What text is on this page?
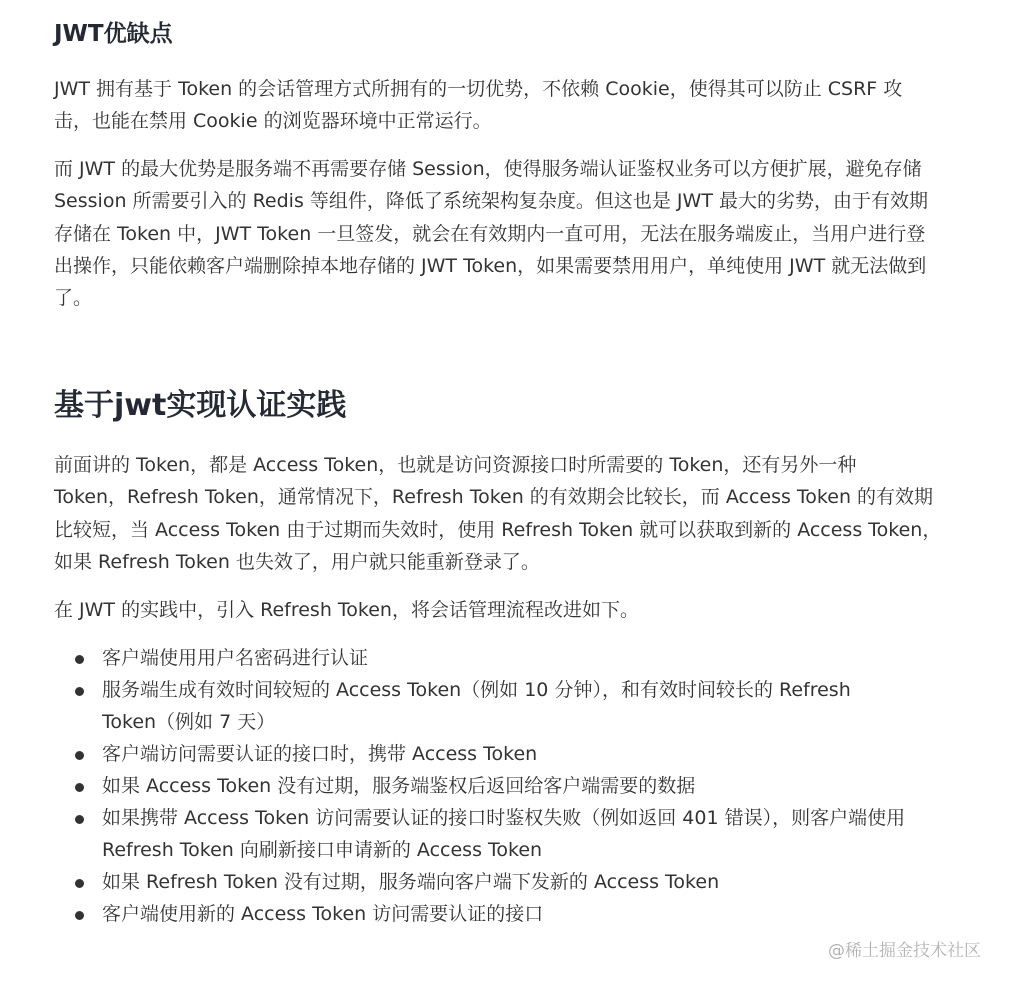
JWT优缺点

JWT 拥有基于 Token 的会话管理方式所拥有的一切优势，不依赖 Cookie，使得其可以防止 CSRF 攻
击，也能在禁用 Cookie 的浏览器环境中正常运行。

而 JWT 的最大优势是服务端不再需要存储 Session，使得服务端认证鉴权业务可以方便扩展，避免存储
Session 所需要引入的 Redis 等组件，降低了系统架构复杂度。但这也是 JWT 最大的劣势，由于有效期
存储在 Token 中，JWT Token 一旦签发，就会在有效期内一直可用，无法在服务端废止，当用户进行登
出操作，只能依赖客户端删除掉本地存储的 JWT Token，如果需要禁用用户，单纯使用 JWT 就无法做到
了。

基于jwt实现认证实践

前面讲的 Token，都是 Access Token，也就是访问资源接口时所需要的 Token，还有另外一种
Token，Refresh Token，通常情况下，Refresh Token 的有效期会比较长，而 Access Token 的有效期
比较短，当 Access Token 由于过期而失效时，使用 Refresh Token 就可以获取到新的 Access Token，
如果 Refresh Token 也失效了，用户就只能重新登录了。

在 JWT 的实践中，引入 Refresh Token，将会话管理流程改进如下。

客户端使用用户名密码进行认证
服务端生成有效时间较短的 Access Token（例如 10 分钟），和有效时间较长的 Refresh
Token（例如 7 天）
客户端访问需要认证的接口时，携带 Access Token
如果 Access Token 没有过期，服务端鉴权后返回给客户端需要的数据
如果携带 Access Token 访问需要认证的接口时鉴权失败（例如返回 401 错误），则客户端使用
Refresh Token 向刷新接口申请新的 Access Token
如果 Refresh Token 没有过期，服务端向客户端下发新的 Access Token
客户端使用新的 Access Token 访问需要认证的接口
@稀土掘金技术社区
